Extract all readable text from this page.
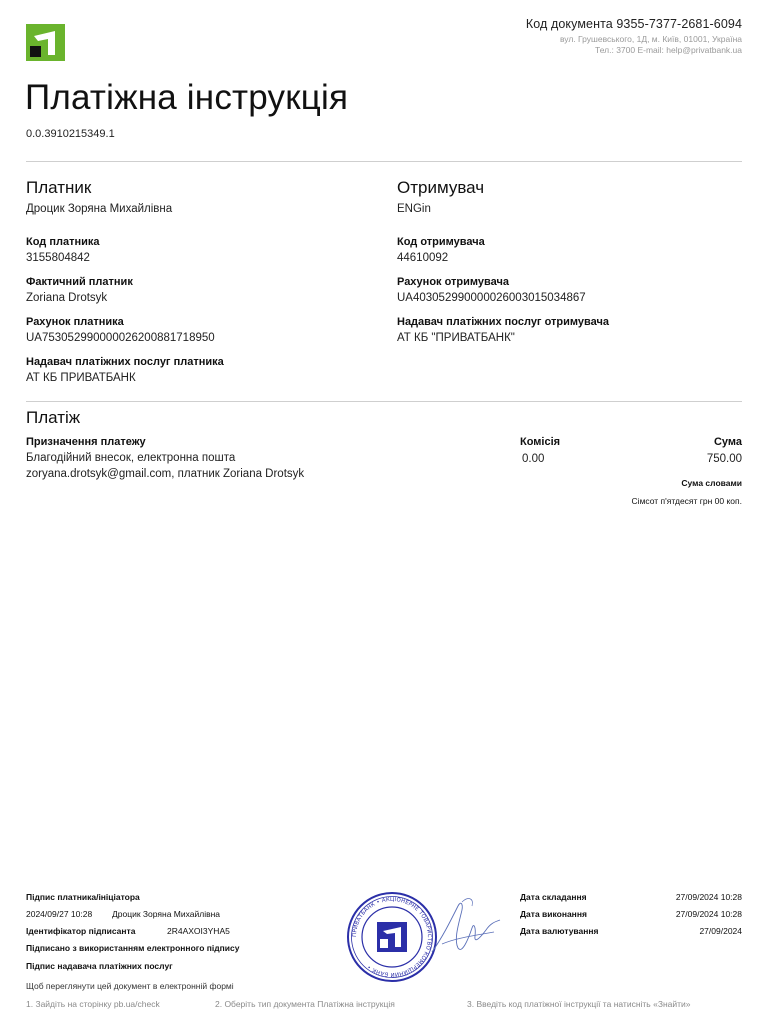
Код документа 9355-7377-2681-6094
вул. Грушевського, 1Д, м. Київ, 01001, Україна
Тел.: 3700 E-mail: help@privatbank.ua
Платіжна інструкція
0.0.3910215349.1
Платник
Дроцик Зоряна Михайлівна
Код платника
3155804842
Фактичний платник
Zoriana Drotsyk
Рахунок платника
UA753052990000026200881718950
Надавач платіжних послуг платника
АТ КБ ПРИВАТБАНК
Отримувач
ENGin
Код отримувача
44610092
Рахунок отримувача
UA403052990000026003015034867
Надавач платіжних послуг отримувача
АТ КБ "ПРИВАТБАНК"
Платіж
Призначення платежу
Благодійний внесок, електронна пошта
zoryana.drotsyk@gmail.com, платник Zoriana Drotsyk
Комісія
0.00
Сума
750.00
Сума словами
Сімсот п'ятдесят грн 00 коп.
Підпис платника/ініціатора
2024/09/27 10:28 Дроцик Зоряна Михайлівна
Ідентифікатор підписанта	2R4AXOI3YHA5
Підписано з використанням електронного підпису
Підпис надавача платіжних послуг
ПРИВАТБАНК • АКЦІОНЕРНЕ ТОВАРИСТВО КОМЕРЦІЙНИЙ БАНК •
Дата складання	27/09/2024 10:28
Дата виконання	27/09/2024 10:28
Дата валютування	27/09/2024
Щоб переглянути цей документ в електронній формі
1. Зайдіть на сторінку pb.ua/check	2. Оберіть тип документа Платіжна інструкція	3. Введіть код платіжної інструкції та натисніть «Знайти»
